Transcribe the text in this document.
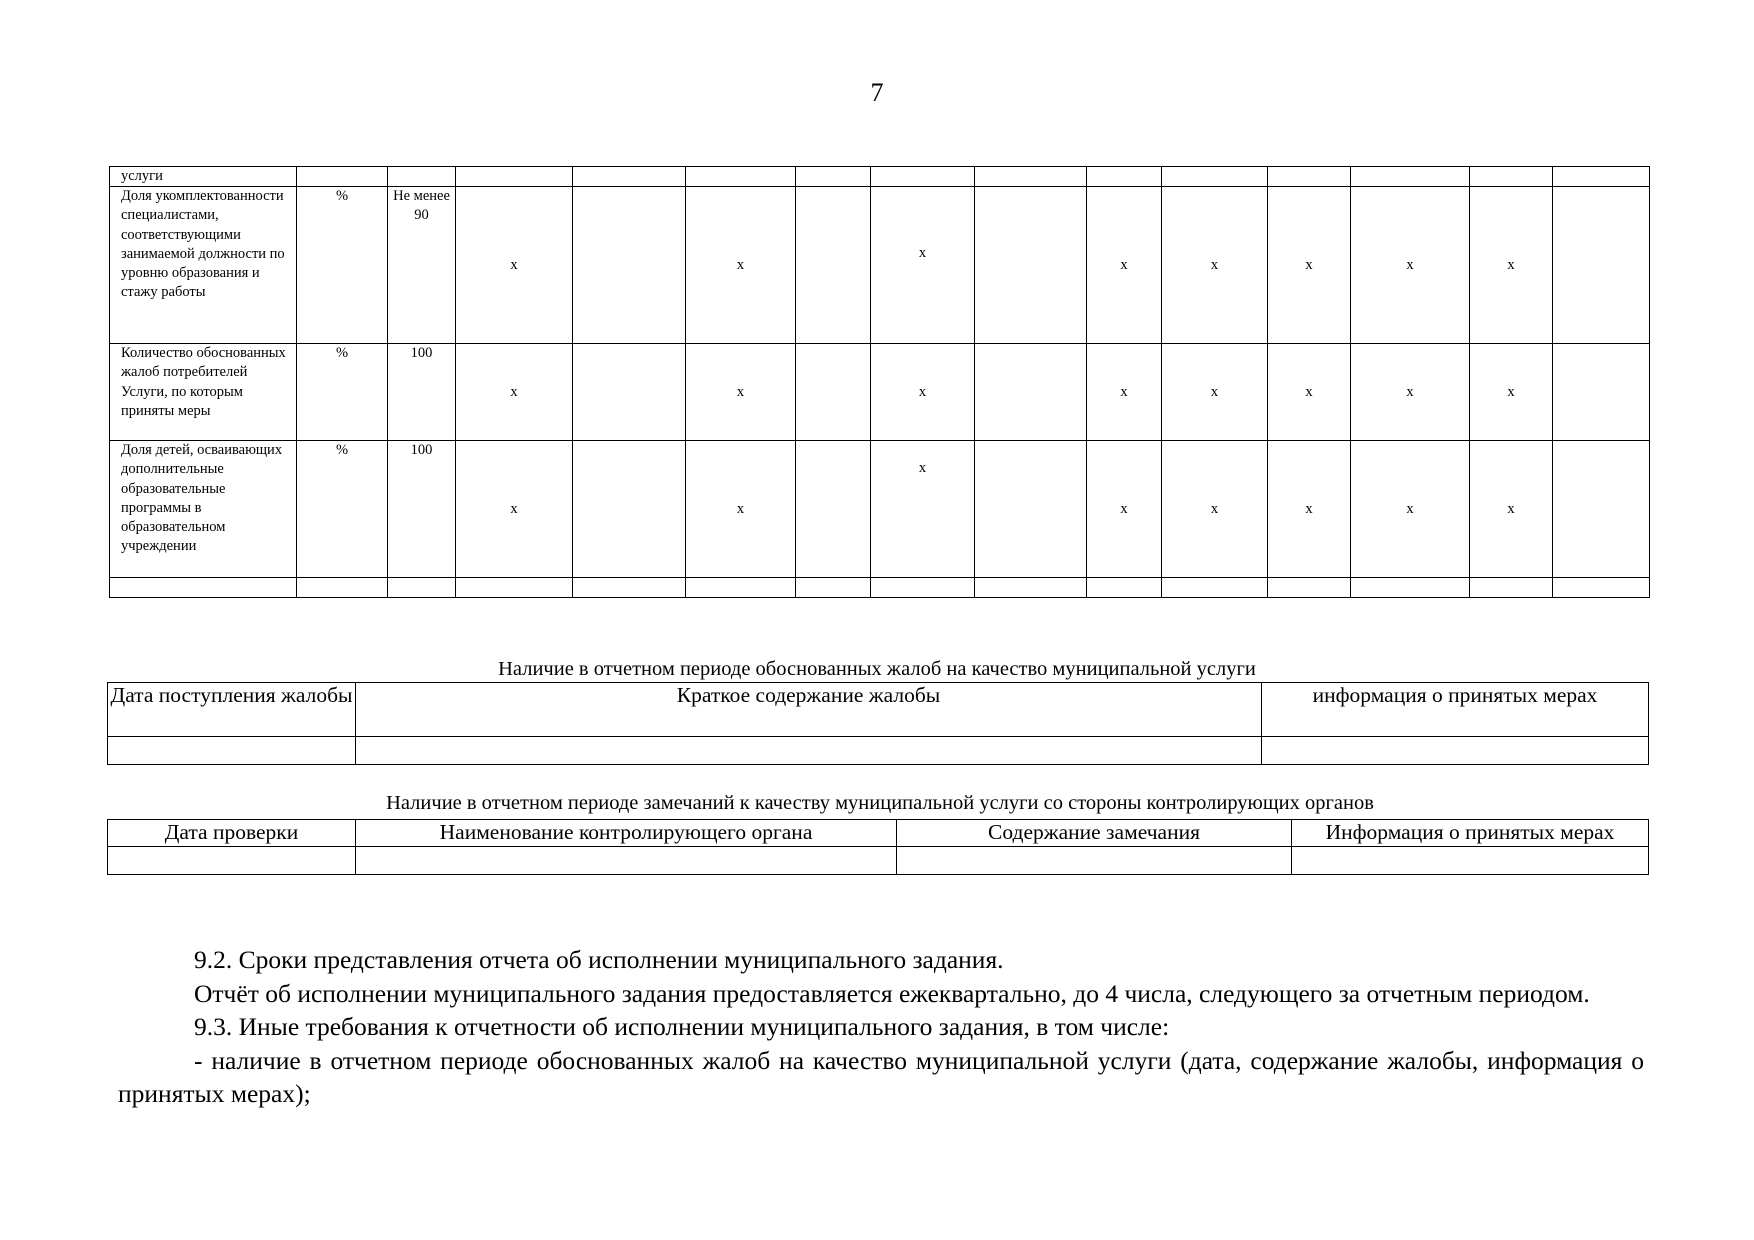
7
услуги														
Доля укомплектованности специалистами, соответствующими занимаемой должности по уровню образования и стажу работы	%	Не менее 90	x		x		x		x	x	x	x	x	
Количество обоснованных жалоб потребителей Услуги, по которым приняты меры	%	100	x		x		x		x	x	x	x	x	
Доля детей, осваивающих дополнительные образовательные программы в образовательном учреждении	%	100	x		x		x		x	x	x	x	x	

Наличие в отчетном периоде обоснованных жалоб на качество муниципальной услуги
Дата поступления жалобы	Краткое содержание жалобы	информация о принятых мерах

Наличие в отчетном периоде замечаний к качеству муниципальной услуги со стороны контролирующих органов
Дата проверки	Наименование контролирующего органа	Содержание замечания	Информация о принятых мерах

9.2. Сроки представления отчета об исполнении муниципального задания.

Отчёт об исполнении муниципального задания предоставляется ежеквартально, до 4 числа, следующего за отчетным периодом.

9.3. Иные требования к отчетности об исполнении муниципального задания, в том числе:

- наличие в отчетном периоде обоснованных жалоб на качество муниципальной услуги (дата, содержание жалобы, информация о принятых мерах);
